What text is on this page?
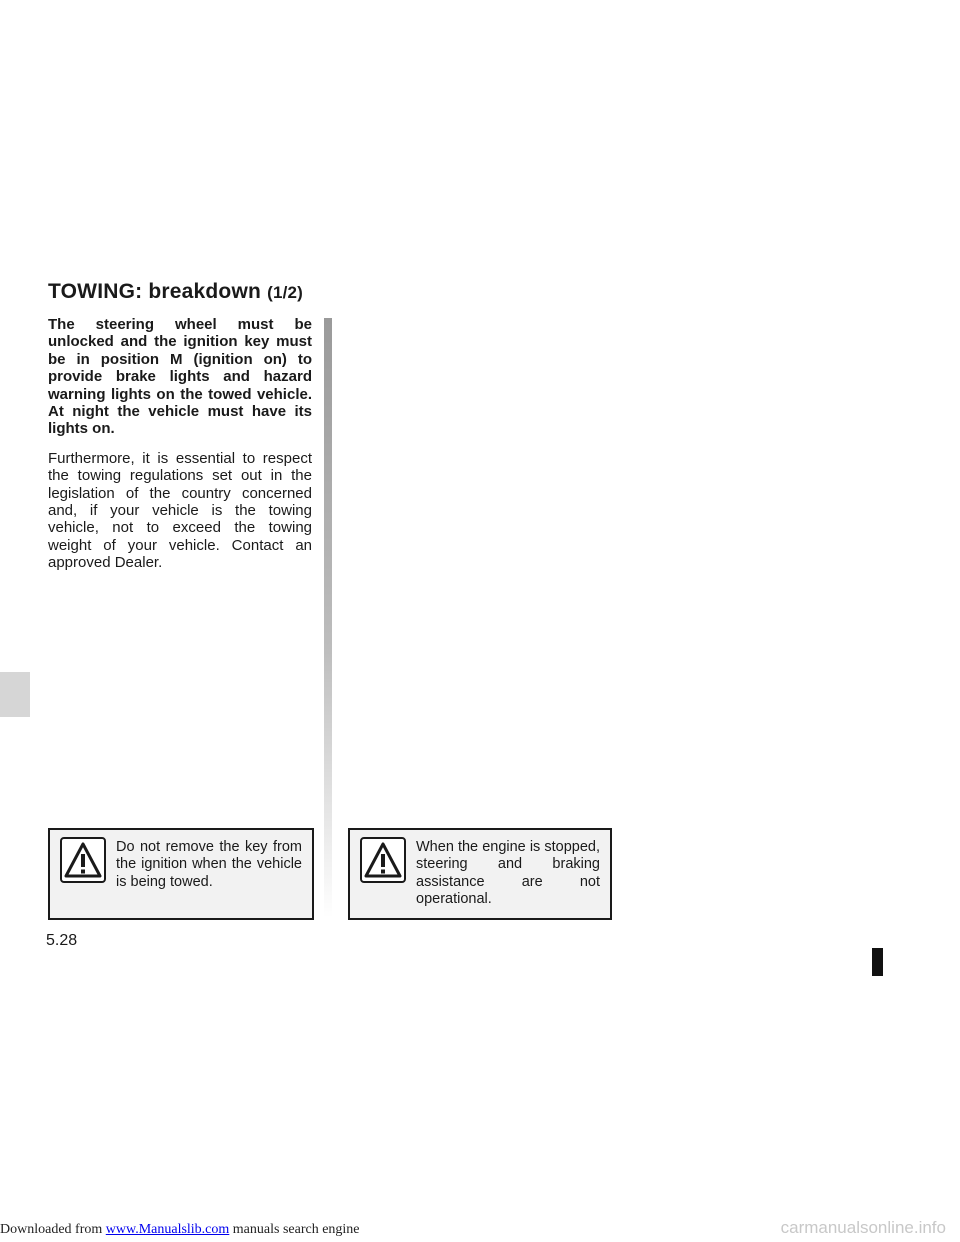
TOWING: breakdown (1/2)

The steering wheel must be unlocked and the ignition key must be in position M (ignition on) to provide brake lights and hazard warning lights on the towed vehicle. At night the vehicle must have its lights on.

Furthermore, it is essential to respect the towing regulations set out in the legislation of the country concerned and, if your vehicle is the towing vehicle, not to exceed the towing weight of your vehicle. Contact an approved Dealer.

Do not remove the key from the ignition when the vehicle is being towed.
When the engine is stopped, steering and braking assistance are not operational.
5.28
Downloaded from www.Manualslib.com manuals search engine	carmanualsonline.info
